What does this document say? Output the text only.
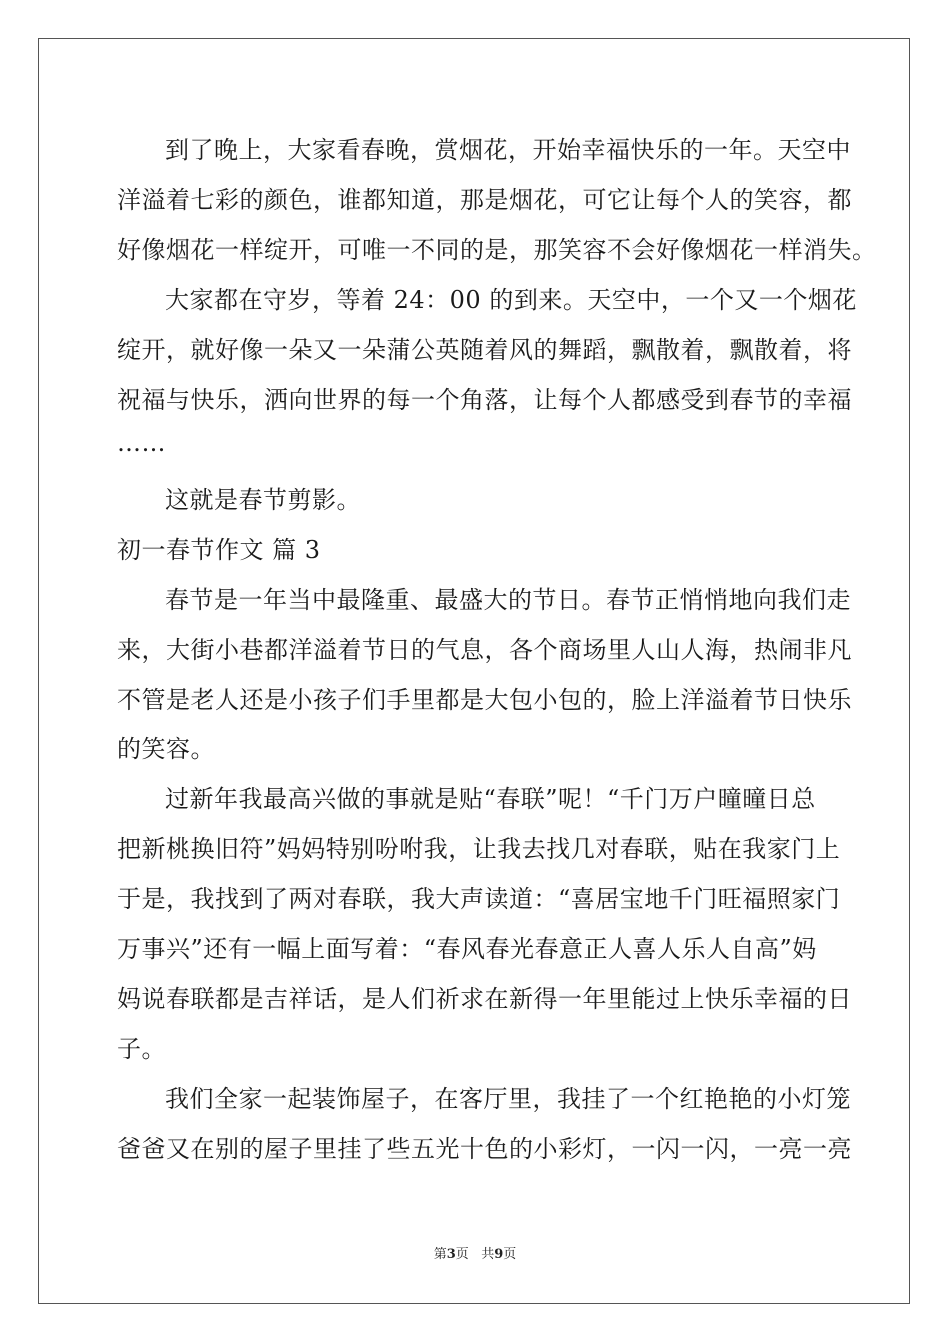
到了晚上，大家看春晚，赏烟花，开始幸福快乐的一年。天空中
洋溢着七彩的颜色，谁都知道，那是烟花，可它让每个人的笑容，都
好像烟花一样绽开，可唯一不同的是，那笑容不会好像烟花一样消失。
大家都在守岁，等着 24：00 的到来。天空中，一个又一个烟花
绽开，就好像一朵又一朵蒲公英随着风的舞蹈，飘散着，飘散着，将
祝福与快乐，洒向世界的每一个角落，让每个人都感受到春节的幸福
……
这就是春节剪影。
初一春节作文 篇 3
春节是一年当中最隆重、最盛大的节日。春节正悄悄地向我们走
来，大街小巷都洋溢着节日的气息，各个商场里人山人海，热闹非凡
不管是老人还是小孩子们手里都是大包小包的，脸上洋溢着节日快乐
的笑容。
过新年我最高兴做的事就是贴“春联”呢！“千门万户曈曈日总
把新桃换旧符”妈妈特别吩咐我，让我去找几对春联，贴在我家门上
于是，我找到了两对春联，我大声读道：“喜居宝地千门旺福照家门
万事兴”还有一幅上面写着：“春风春光春意正人喜人乐人自高”妈
妈说春联都是吉祥话，是人们祈求在新得一年里能过上快乐幸福的日
子。
我们全家一起装饰屋子，在客厅里，我挂了一个红艳艳的小灯笼
爸爸又在别的屋子里挂了些五光十色的小彩灯，一闪一闪，一亮一亮
第3页 共9页
